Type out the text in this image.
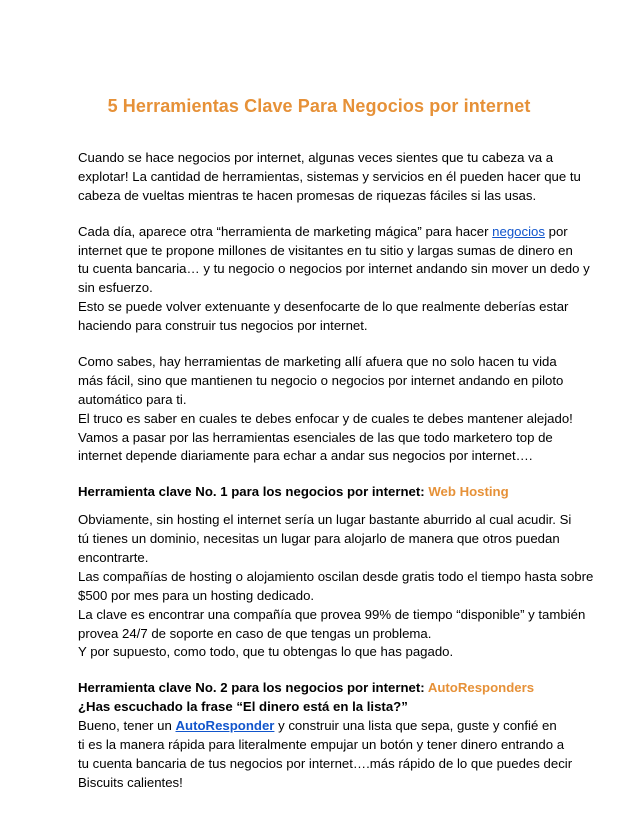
5 Herramientas Clave Para Negocios por internet
Cuando se hace negocios por internet, algunas veces sientes que tu cabeza va a
explotar! La cantidad de herramientas, sistemas y servicios en él pueden hacer que tu
cabeza de vueltas mientras te hacen promesas de riquezas fáciles si las usas.
Cada día, aparece otra “herramienta de marketing mágica” para hacer negocios por
internet que te propone millones de visitantes en tu sitio y largas sumas de dinero en
tu cuenta bancaria… y tu negocio o negocios por internet andando sin mover un dedo y
sin esfuerzo.
Esto se puede volver extenuante y desenfocarte de lo que realmente deberías estar
haciendo para construir tus negocios por internet.
Como sabes, hay herramientas de marketing allí afuera que no solo hacen tu vida
más fácil, sino que mantienen tu negocio o negocios por internet andando en piloto
automático para ti.
El truco es saber en cuales te debes enfocar y de cuales te debes mantener alejado!
Vamos a pasar por las herramientas esenciales de las que todo marketero top de
internet depende diariamente para echar a andar sus negocios por internet….
Herramienta clave No. 1 para los negocios por internet: Web Hosting
Obviamente, sin hosting el internet sería un lugar bastante aburrido al cual acudir. Si
tú tienes un dominio, necesitas un lugar para alojarlo de manera que otros puedan
encontrarte.
Las compañías de hosting o alojamiento oscilan desde gratis todo el tiempo hasta sobre
$500 por mes para un hosting dedicado.
La clave es encontrar una compañía que provea 99% de tiempo “disponible” y también
provea 24/7 de soporte en caso de que tengas un problema.
Y por supuesto, como todo, que tu obtengas lo que has pagado.
Herramienta clave No. 2 para los negocios por internet: AutoResponders
¿Has escuchado la frase “El dinero está en la lista?”
Bueno, tener un AutoResponder y construir una lista que sepa, guste y confié en
ti es la manera rápida para literalmente empujar un botón y tener dinero entrando a
tu cuenta bancaria de tus negocios por internet….más rápido de lo que puedes decir
Biscuits calientes!
